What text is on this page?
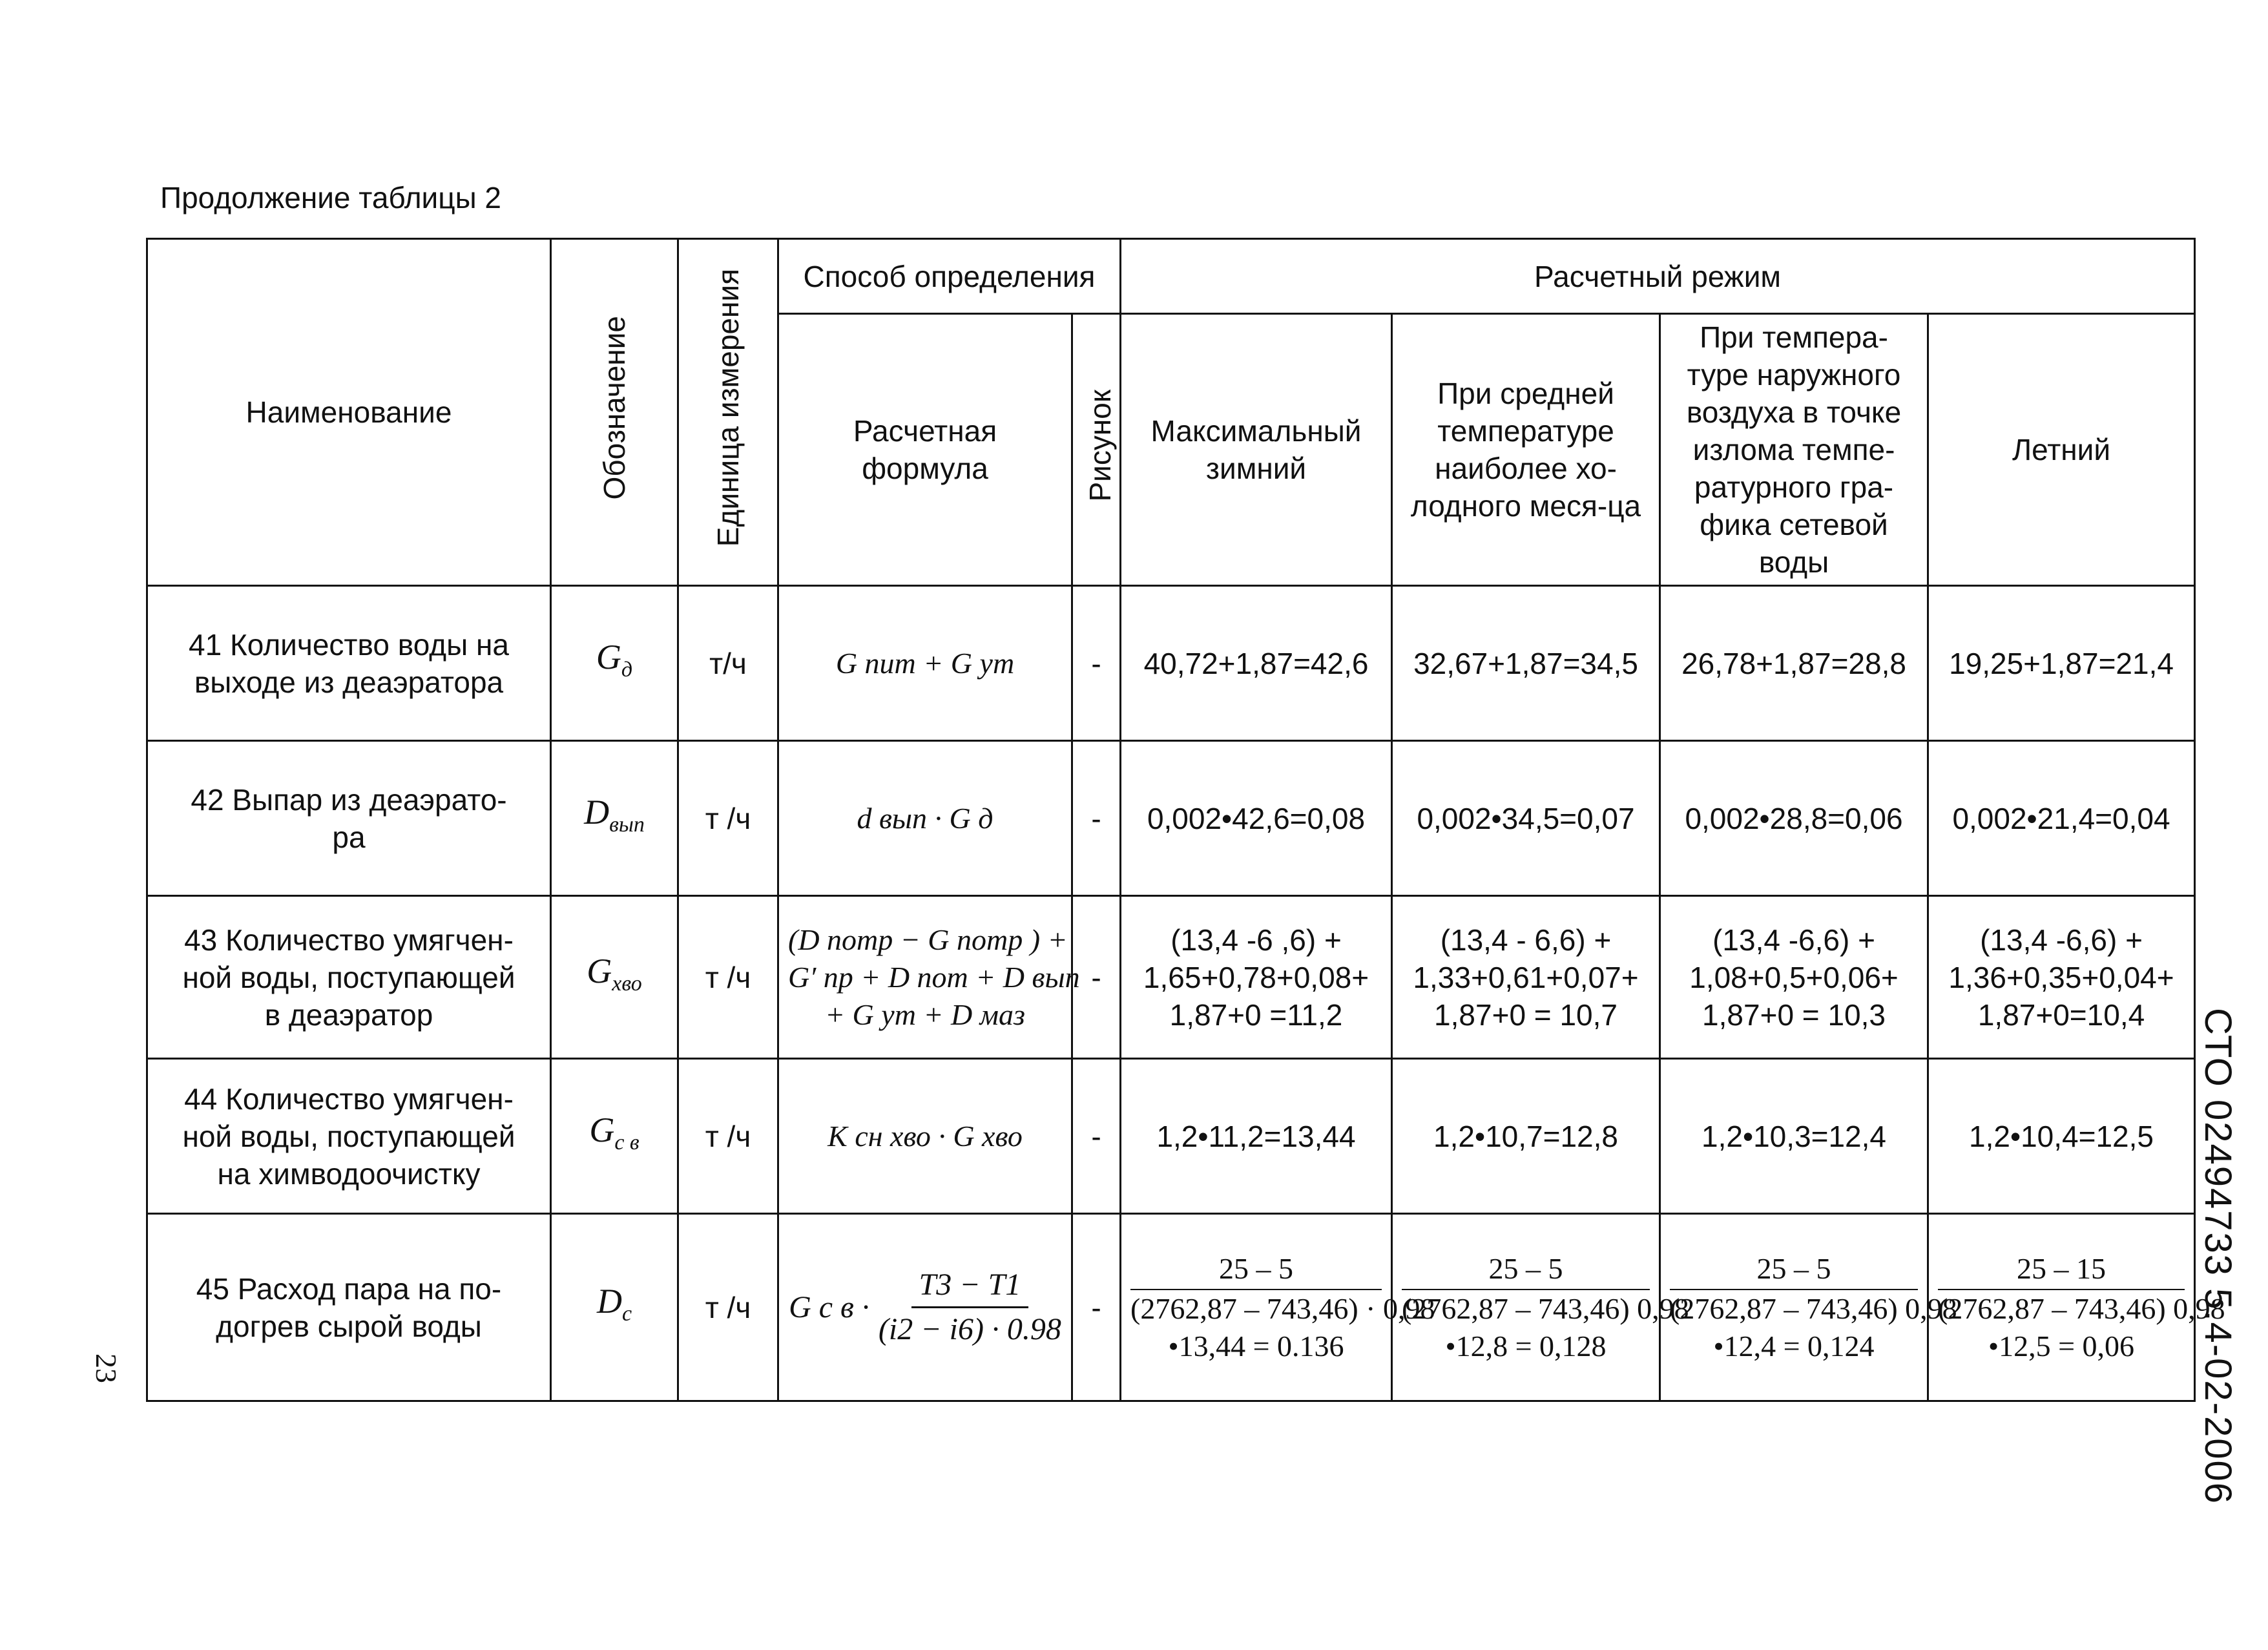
Продолжение таблицы 2
Наименование	Обозначение	Единица измерения	Способ определения		Расчетный режим			
			Расчетная формула	Рисунок	Максимальный зимний	При средней температуре наиболее хо-лодного меся-ца	При темпера-туре наружного воздуха в точке излома темпе-ратурного гра-фика сетевой воды	Летний

41 Количество воды на
выходе из деаэратора	$G_д$	т/ч	G пит + G ут	-	40,72+1,87=42,6	32,67+1,87=34,5	26,78+1,87=28,8	19,25+1,87=21,4

42 Выпар из деаэрато-
ра	$D_{вып}$	т /ч	d вып · G д	-	0,002•42,6=0,08	0,002•34,5=0,07	0,002•28,8=0,06	0,002•21,4=0,04

43 Количество умягчен-
ной воды, поступающей
в деаэратор	$G_{хво}$	т /ч	(D потр − G потр ) +
G′ пр + D пот + D вып
+ G ут + D маз	-	(13,4 -6 ,6) +
1,65+0,78+0,08+
1,87+0 =11,2	(13,4 - 6,6) +
1,33+0,61+0,07+
1,87+0 = 10,7	(13,4 -6,6) +
1,08+0,5+0,06+
1,87+0 = 10,3	(13,4 -6,6) +
1,36+0,35+0,04+
1,87+0=10,4

44 Количество умягчен-
ной воды, поступающей
на химводоочистку	$G_{с в}$	т /ч	K сн хво · G хво	-	1,2•11,2=13,44	1,2•10,7=12,8	1,2•10,3=12,4	1,2•10,4=12,5

45 Расход пара на по-
догрев сырой воды	$D_с$	т /ч	G с $в \cdot \frac{T3 - T1}{(i2 - i6) \cdot 0.98}$	-	25 – 5
(2762,87 – 743,46) · 0,98
•13,44 = 0.136	25 – 5
(2762,87 – 743,46) 0,98
•12,8 = 0,128	25 – 5
(2762,87 – 743,46) 0,98
•12,4 = 0,124	25 – 15
(2762,87 – 743,46) 0,98
•12,5 = 0,06	СТО 02494733 5.4-02-2006
23
